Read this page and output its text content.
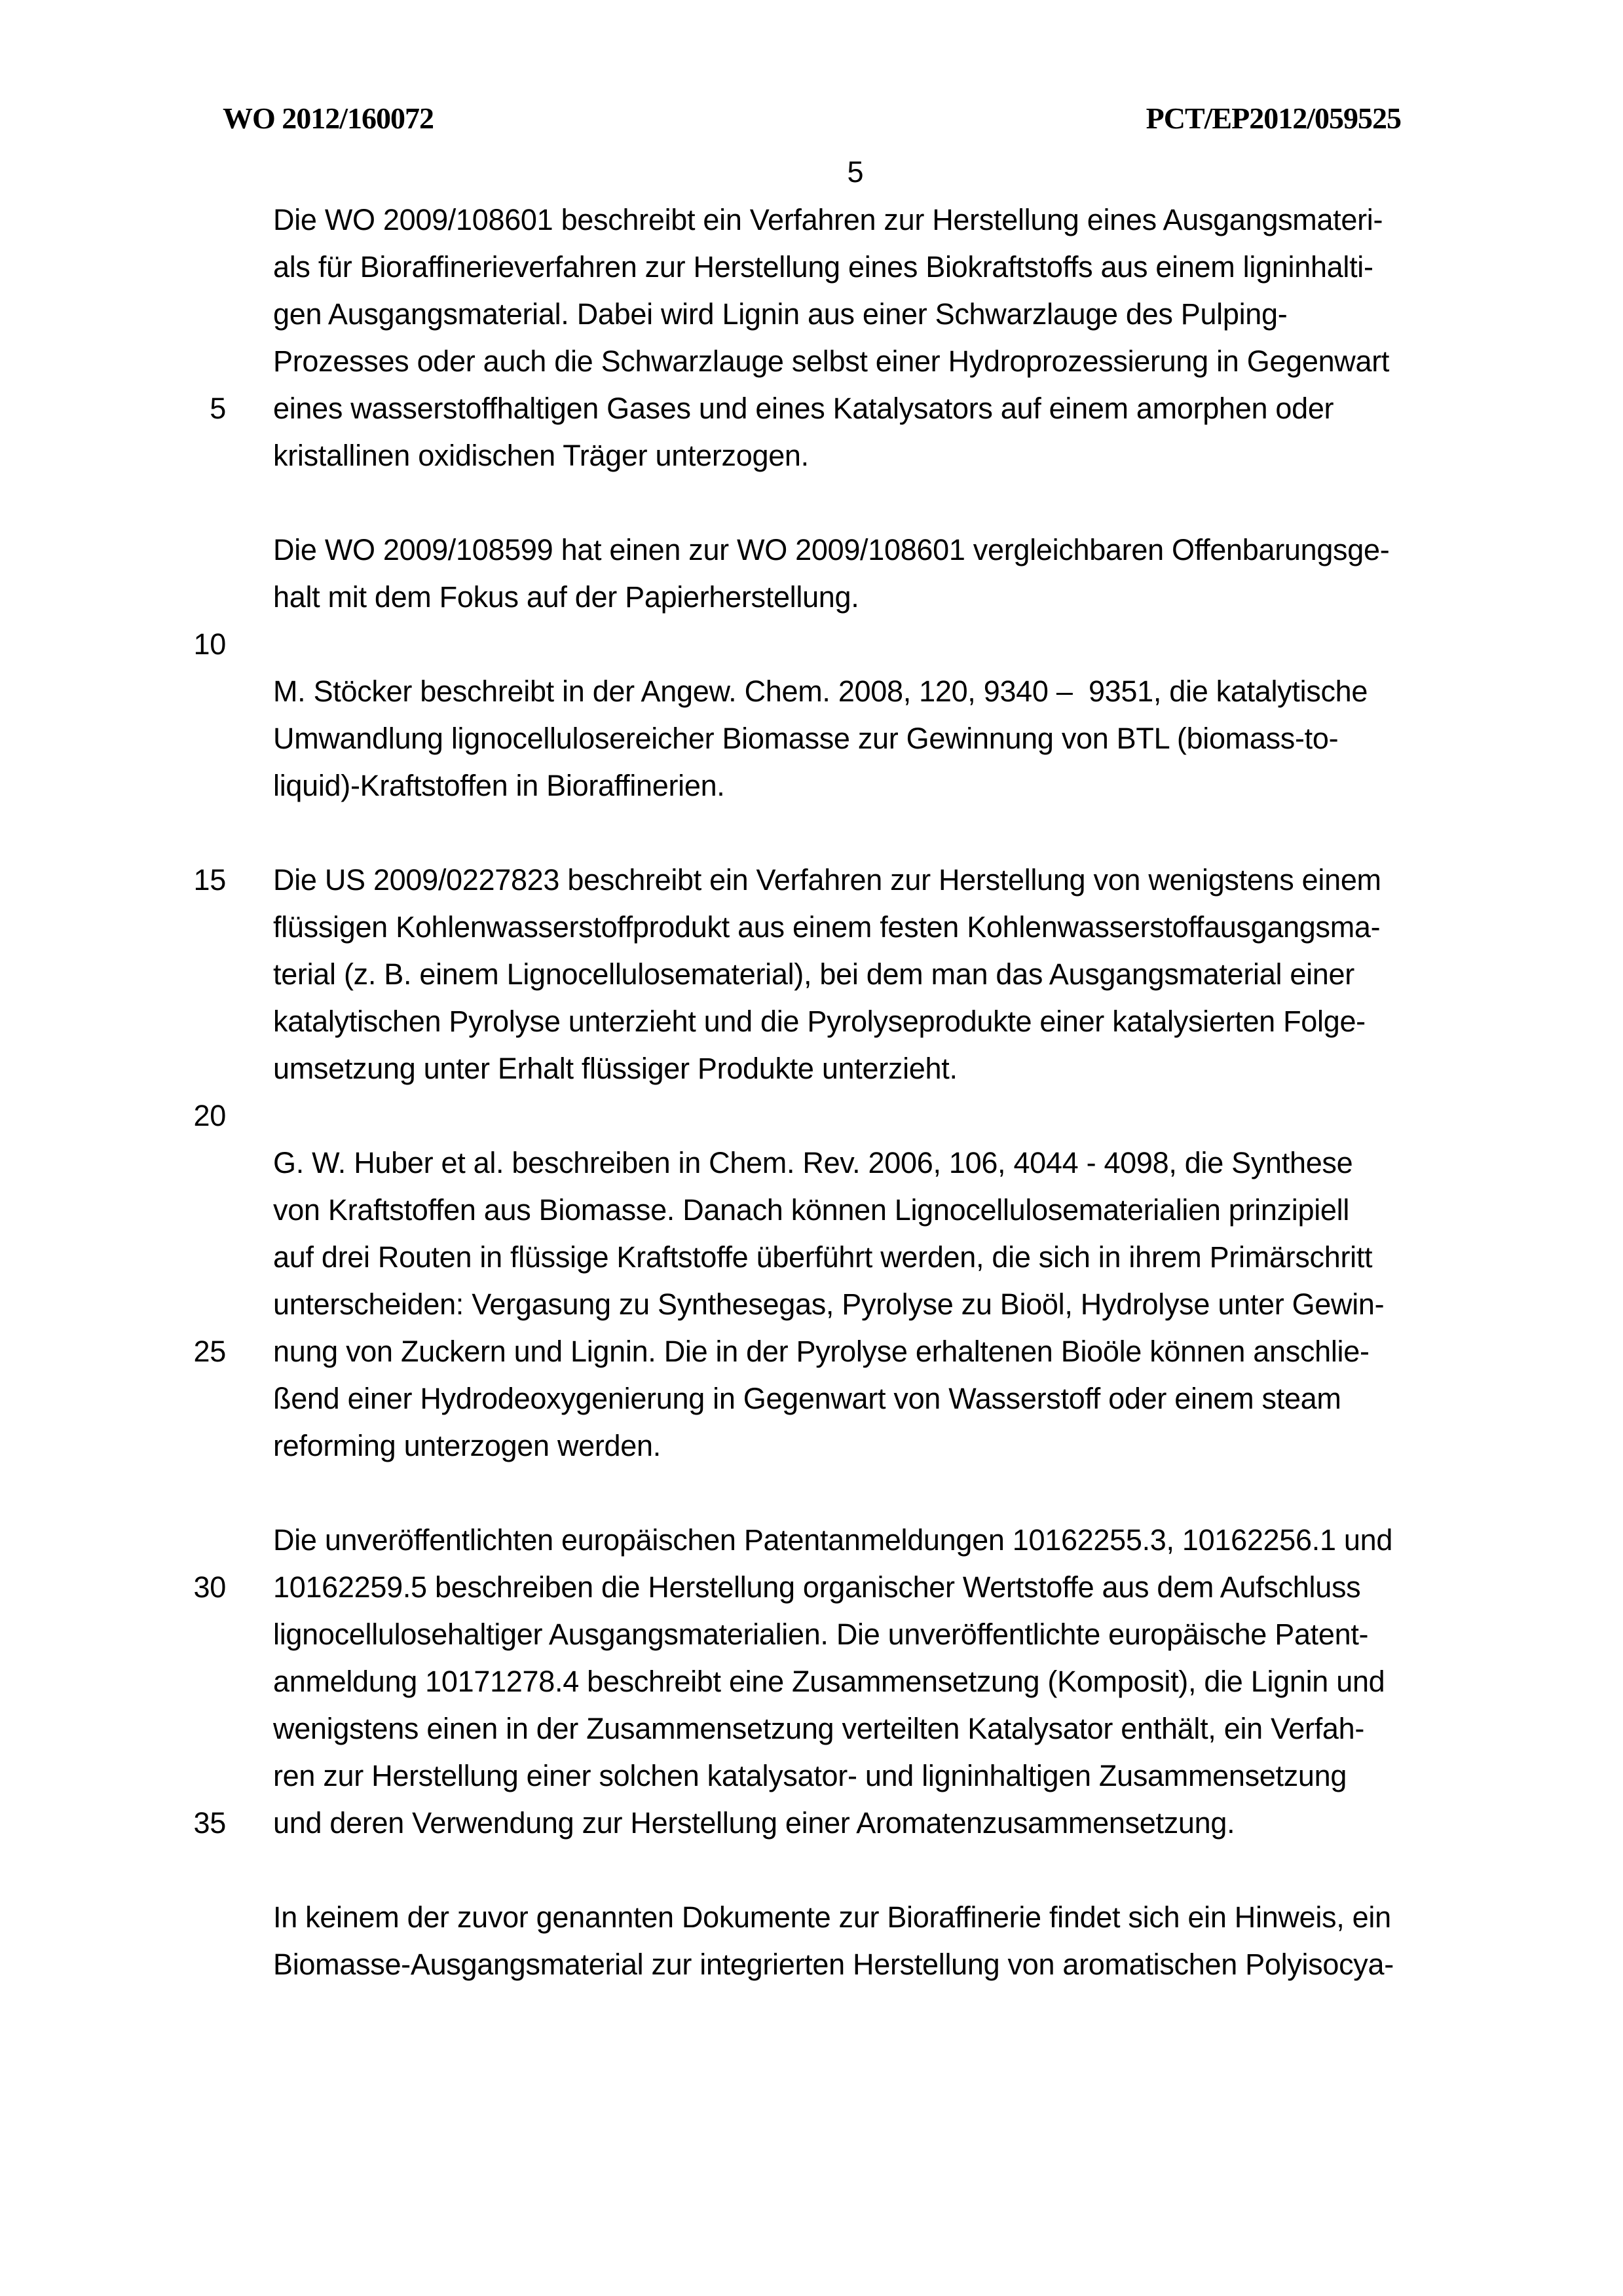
WO 2012/160072	PCT/EP2012/059525
5
5
10
15
20
25
30
35
Die WO 2009/108601 beschreibt ein Verfahren zur Herstellung eines Ausgangsmateri-
als für Bioraffinerieverfahren zur Herstellung eines Biokraftstoffs aus einem ligninhalti-
gen Ausgangsmaterial. Dabei wird Lignin aus einer Schwarzlauge des Pulping-
Prozesses oder auch die Schwarzlauge selbst einer Hydroprozessierung in Gegenwart
eines wasserstoffhaltigen Gases und eines Katalysators auf einem amorphen oder
kristallinen oxidischen Träger unterzogen.
Die WO 2009/108599 hat einen zur WO 2009/108601 vergleichbaren Offenbarungsge-
halt mit dem Fokus auf der Papierherstellung.
M. Stöcker beschreibt in der Angew. Chem. 2008, 120, 9340 –  9351, die katalytische
Umwandlung lignocellulosereicher Biomasse zur Gewinnung von BTL (biomass-to-
liquid)-Kraftstoffen in Bioraffinerien.
Die US 2009/0227823 beschreibt ein Verfahren zur Herstellung von wenigstens einem
flüssigen Kohlenwasserstoffprodukt aus einem festen Kohlenwasserstoffausgangsma-
terial (z. B. einem Lignocellulosematerial), bei dem man das Ausgangsmaterial einer
katalytischen Pyrolyse unterzieht und die Pyrolyseprodukte einer katalysierten Folge-
umsetzung unter Erhalt flüssiger Produkte unterzieht.
G. W. Huber et al. beschreiben in Chem. Rev. 2006, 106, 4044 - 4098, die Synthese
von Kraftstoffen aus Biomasse. Danach können Lignocellulosematerialien prinzipiell
auf drei Routen in flüssige Kraftstoffe überführt werden, die sich in ihrem Primärschritt
unterscheiden: Vergasung zu Synthesegas, Pyrolyse zu Bioöl, Hydrolyse unter Gewin-
nung von Zuckern und Lignin. Die in der Pyrolyse erhaltenen Bioöle können anschlie-
ßend einer Hydrodeoxygenierung in Gegenwart von Wasserstoff oder einem steam
reforming unterzogen werden.
Die unveröffentlichten europäischen Patentanmeldungen 10162255.3, 10162256.1 und
10162259.5 beschreiben die Herstellung organischer Wertstoffe aus dem Aufschluss
lignocellulosehaltiger Ausgangsmaterialien. Die unveröffentlichte europäische Patent-
anmeldung 10171278.4 beschreibt eine Zusammensetzung (Komposit), die Lignin und
wenigstens einen in der Zusammensetzung verteilten Katalysator enthält, ein Verfah-
ren zur Herstellung einer solchen katalysator- und ligninhaltigen Zusammensetzung
und deren Verwendung zur Herstellung einer Aromatenzusammensetzung.
In keinem der zuvor genannten Dokumente zur Bioraffinerie findet sich ein Hinweis, ein
Biomasse-Ausgangsmaterial zur integrierten Herstellung von aromatischen Polyisocya-
